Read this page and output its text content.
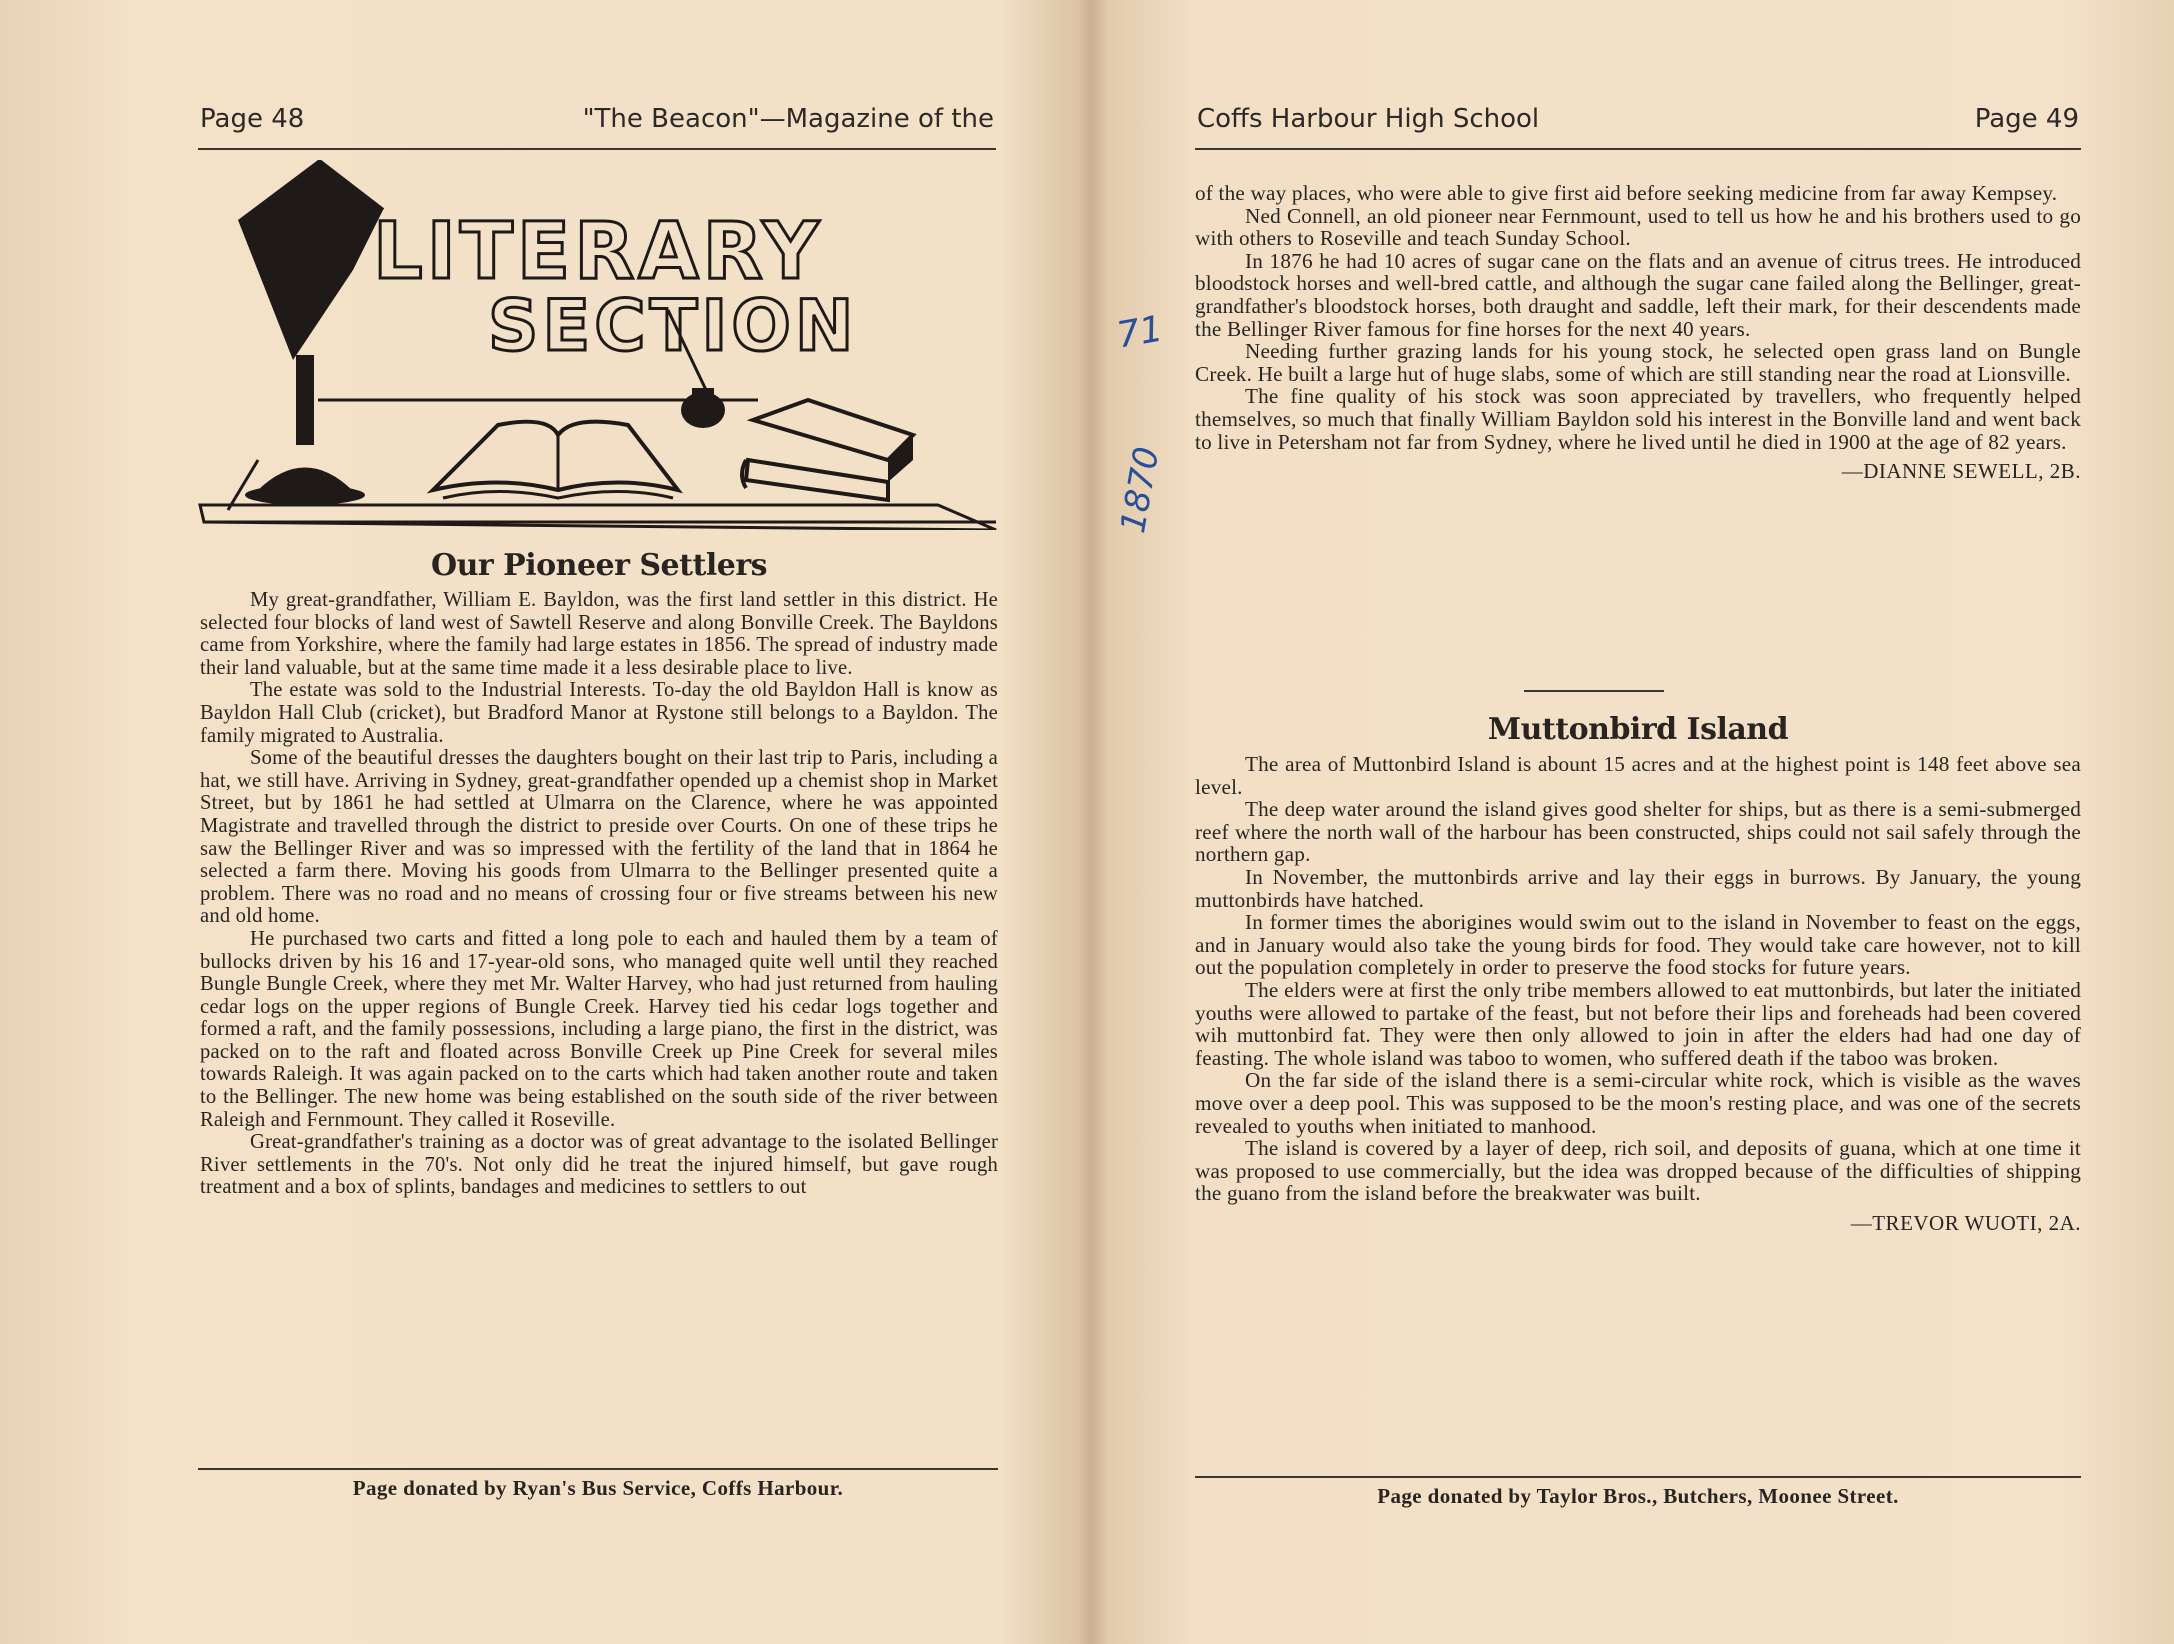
Page 48	"The Beacon"—Magazine of the
LITERARY
SECTION
Our Pioneer Settlers

My great-grandfather, William E. Bayldon, was the first land settler in this district. He selected four blocks of land west of Sawtell Reserve and along Bonville Creek. The Bayldons came from Yorkshire, where the family had large estates in 1856. The spread of industry made their land valuable, but at the same time made it a less desirable place to live.

The estate was sold to the Industrial Interests. To-day the old Bayldon Hall is know as Bayldon Hall Club (cricket), but Bradford Manor at Rystone still belongs to a Bayldon. The family migrated to Australia.

Some of the beautiful dresses the daughters bought on their last trip to Paris, including a hat, we still have. Arriving in Sydney, great-grandfather opended up a chemist shop in Market Street, but by 1861 he had settled at Ulmarra on the Clarence, where he was appointed Magistrate and travelled through the district to preside over Courts. On one of these trips he saw the Bellinger River and was so impressed with the fertility of the land that in 1864 he selected a farm there. Moving his goods from Ulmarra to the Bellinger presented quite a problem. There was no road and no means of crossing four or five streams between his new and old home.

He purchased two carts and fitted a long pole to each and hauled them by a team of bullocks driven by his 16 and 17-year-old sons, who managed quite well until they reached Bungle Bungle Creek, where they met Mr. Walter Harvey, who had just returned from hauling cedar logs on the upper regions of Bungle Creek. Harvey tied his cedar logs together and formed a raft, and the family possessions, including a large piano, the first in the district, was packed on to the raft and floated across Bonville Creek up Pine Creek for several miles towards Raleigh. It was again packed on to the carts which had taken another route and taken to the Bellinger. The new home was being established on the south side of the river between Raleigh and Fernmount. They called it Roseville.

Great-grandfather's training as a doctor was of great advantage to the isolated Bellinger River settlements in the 70's. Not only did he treat the injured himself, but gave rough treatment and a box of splints, bandages and medicines to settlers to out

Page donated by Ryan's Bus Service, Coffs Harbour.
Coffs Harbour High School	Page 49

of the way places, who were able to give first aid before seeking medicine from far away Kempsey.

Ned Connell, an old pioneer near Fernmount, used to tell us how he and his brothers used to go with others to Roseville and teach Sunday School.

In 1876 he had 10 acres of sugar cane on the flats and an avenue of citrus trees. He introduced bloodstock horses and well-bred cattle, and although the sugar cane failed along the Bellinger, great-grandfather's bloodstock horses, both draught and saddle, left their mark, for their descendents made the Bellinger River famous for fine horses for the next 40 years.

Needing further grazing lands for his young stock, he selected open grass land on Bungle Creek. He built a large hut of huge slabs, some of which are still standing near the road at Lionsville.

The fine quality of his stock was soon appreciated by travellers, who frequently helped themselves, so much that finally William Bayldon sold his interest in the Bonville land and went back to live in Petersham not far from Sydney, where he lived until he died in 1900 at the age of 82 years.

—DIANNE SEWELL, 2B.
Muttonbird Island

The area of Muttonbird Island is abount 15 acres and at the highest point is 148 feet above sea level.

The deep water around the island gives good shelter for ships, but as there is a semi-submerged reef where the north wall of the harbour has been constructed, ships could not sail safely through the northern gap.

In November, the muttonbirds arrive and lay their eggs in burrows. By January, the young muttonbirds have hatched.

In former times the aborigines would swim out to the island in November to feast on the eggs, and in January would also take the young birds for food. They would take care however, not to kill out the population completely in order to preserve the food stocks for future years.

The elders were at first the only tribe members allowed to eat muttonbirds, but later the initiated youths were allowed to partake of the feast, but not before their lips and foreheads had been covered wih muttonbird fat. They were then only allowed to join in after the elders had had one day of feasting. The whole island was taboo to women, who suffered death if the taboo was broken.

On the far side of the island there is a semi-circular white rock, which is visible as the waves move over a deep pool. This was supposed to be the moon's resting place, and was one of the secrets revealed to youths when initiated to manhood.

The island is covered by a layer of deep, rich soil, and deposits of guana, which at one time it was proposed to use commercially, but the idea was dropped because of the difficulties of shipping the guano from the island before the breakwater was built.

—TREVOR WUOTI, 2A.
Page donated by Taylor Bros., Butchers, Moonee Street.
71
1870
